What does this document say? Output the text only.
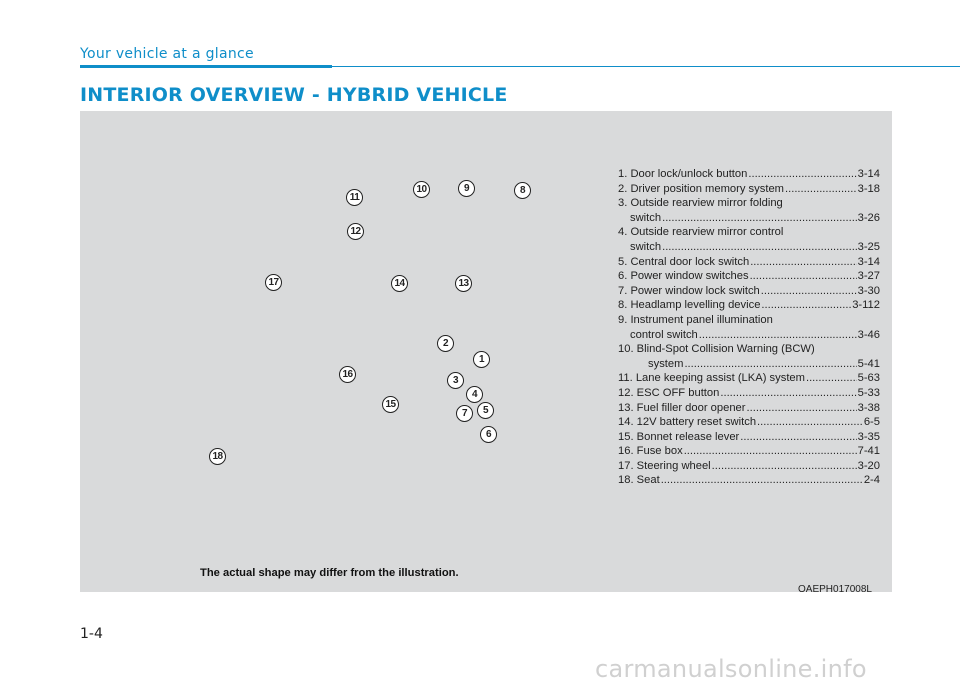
Your vehicle at a glance
INTERIOR OVERVIEW - HYBRID VEHICLE
1
2
3
4
5
6
7
8
9
10
11
12
13
14
15
16
17
18
1. Door lock/unlock button .....	3-14
2. Driver position memory system .....	3-18
3. Outside rearview mirror folding
switch .....	3-26
4. Outside rearview mirror control
switch .....	3-25
5. Central door lock switch .....	3-14
6. Power window switches .....	3-27
7. Power window lock switch .....	3-30
8. Headlamp levelling device .....	3-112
9. Instrument panel illumination
control switch .....	3-46
10. Blind-Spot Collision Warning (BCW)
system .....	5-41
11. Lane keeping assist (LKA) system .....	5-63
12. ESC OFF button .....	5-33
13. Fuel filler door opener .....	3-38
14. 12V battery reset switch .....	6-5
15. Bonnet release lever .....	3-35
16. Fuse box .....	7-41
17. Steering wheel .....	3-20
18. Seat .....	2-4
The actual shape may differ from the illustration.
OAEPH017008L
1-4
carmanualsonline.info
